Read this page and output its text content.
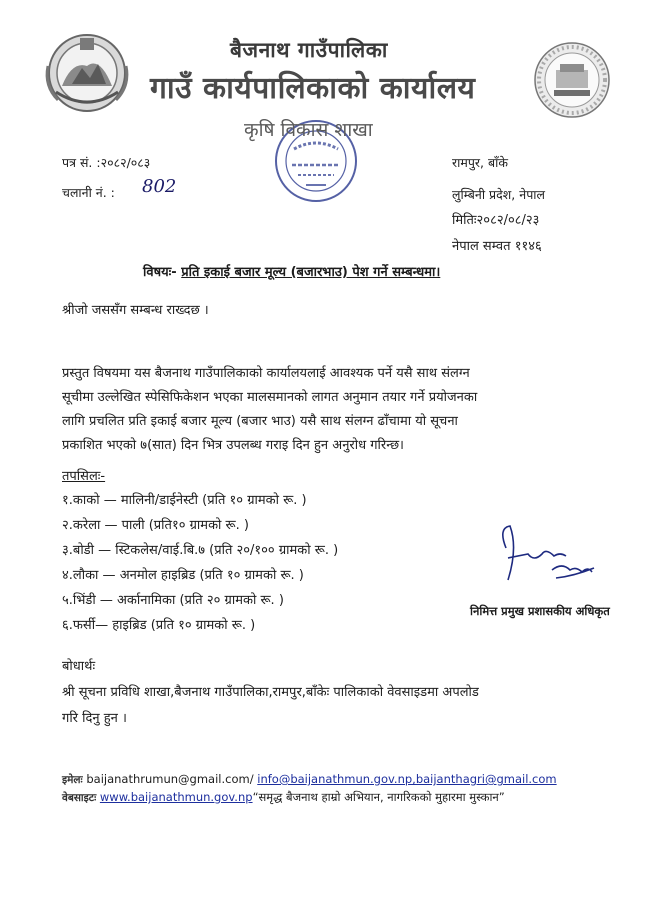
बैजनाथ गाउँपालिका
गाउँ कार्यपालिकाको कार्यालय
कृषि विकास शाखा
पत्र सं. :२०८२/०८३
चलानी नं. : 802
रामपुर, बाँके
लुम्बिनी प्रदेश, नेपाल
मितिः२०८२/०८/२३
नेपाल सम्वत ११४६
विषयः- प्रति इकाई बजार मूल्य (बजारभाउ) पेश गर्ने सम्बन्धमा।
श्रीजो जससँग सम्बन्ध राख्दछ ।
प्रस्तुत विषयमा यस बैजनाथ गाउँपालिकाको कार्यालयलाई आवश्यक पर्ने यसै साथ संलग्न
सूचीमा उल्लेखित स्पेसिफिकेशन भएका मालसमानको लागत अनुमान तयार गर्ने प्रयोजनका
लागि प्रचलित प्रति इकाई बजार मूल्य (बजार भाउ) यसै साथ संलग्न ढाँचामा यो सूचना
प्रकाशित भएको ७(सात) दिन भित्र उपलब्ध गराइ दिन हुन अनुरोध गरिन्छ।
तपसिलः-
१.काको — मालिनी/डाईनेस्टी (प्रति १० ग्रामको रू. )
२.करेला — पाली (प्रति१० ग्रामको रू. )
३.बोडी — स्टिकलेस/वाई.बि.७ (प्रति २०/१०० ग्रामको रू. )
४.लौका — अनमोल हाइब्रिड (प्रति १० ग्रामको रू. )
५.भिंडी — अर्कानामिका (प्रति २० ग्रामको रू. )
६.फर्सी— हाइब्रिड (प्रति १० ग्रामको रू. )
निमित्त प्रमुख प्रशासकीय अधिकृत
बोधार्थः
श्री सूचना प्रविधि शाखा,बैजनाथ गाउँपालिका,रामपुर,बाँकेः पालिकाको वेवसाइडमा अपलोड
गरि दिनु हुन ।
इमेलः baijanathrumun@gmail.com/ info@baijanathmun.gov.np,baijanthagri@gmail.com
वेबसाइटः www.baijanathmun.gov.np“समृद्ध बैजनाथ हाम्रो अभियान, नागरिकको मुहारमा मुस्कान”
